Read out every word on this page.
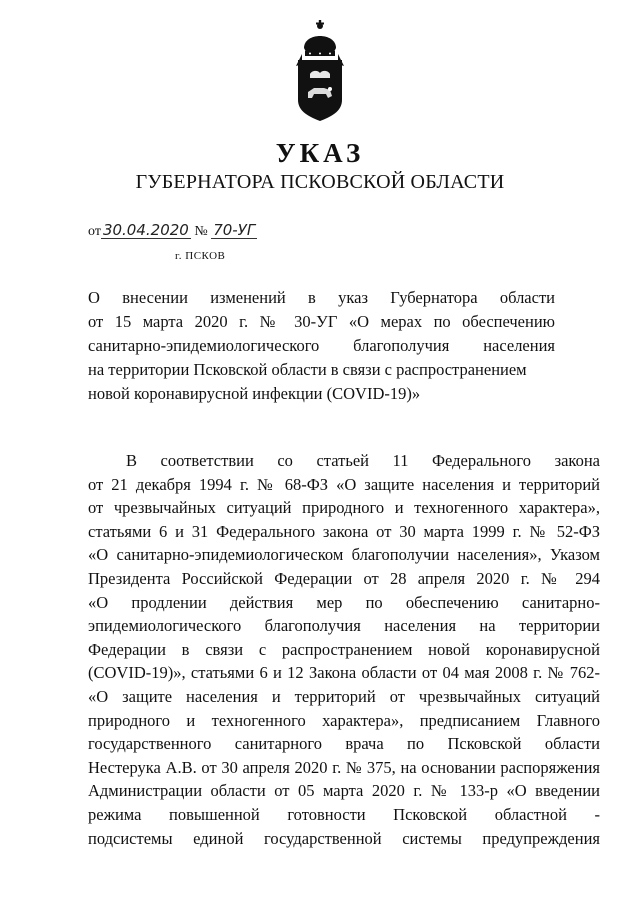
УКАЗ
ГУБЕРНАТОРА ПСКОВСКОЙ ОБЛАСТИ
от 30.04.2020 № 70-УГ
г. ПСКОВ
О внесении изменений в указ Губернатора области
от 15 марта 2020 г. № 30-УГ «О мерах по обеспечению
санитарно-эпидемиологического благополучия населения
на территории Псковской области в связи с распространением
новой коронавирусной инфекции (COVID-19)»
В соответствии со статьей 11 Федерального закона
от 21 декабря 1994 г. № 68-ФЗ «О защите населения и территорий
от чрезвычайных ситуаций природного и техногенного характера»,
статьями 6 и 31 Федерального закона от 30 марта 1999 г. № 52-ФЗ
«О санитарно-эпидемиологическом благополучии населения», Указом
Президента Российской Федерации от 28 апреля 2020 г. № 294
«О продлении действия мер по обеспечению санитарно-
эпидемиологического благополучия населения на территории
Федерации в связи с распространением новой коронавирусной
(COVID-19)», статьями 6 и 12 Закона области от 04 мая 2008 г. № 762-
«О защите населения и территорий от чрезвычайных ситуаций
природного и техногенного характера», предписанием Главного
государственного санитарного врача по Псковской области
Нестерука А.В. от 30 апреля 2020 г. № 375, на основании распоряжения
Администрации области от 05 марта 2020 г. № 133-р «О введении
режима повышенной готовности Псковской областной -
подсистемы единой государственной системы предупреждения
